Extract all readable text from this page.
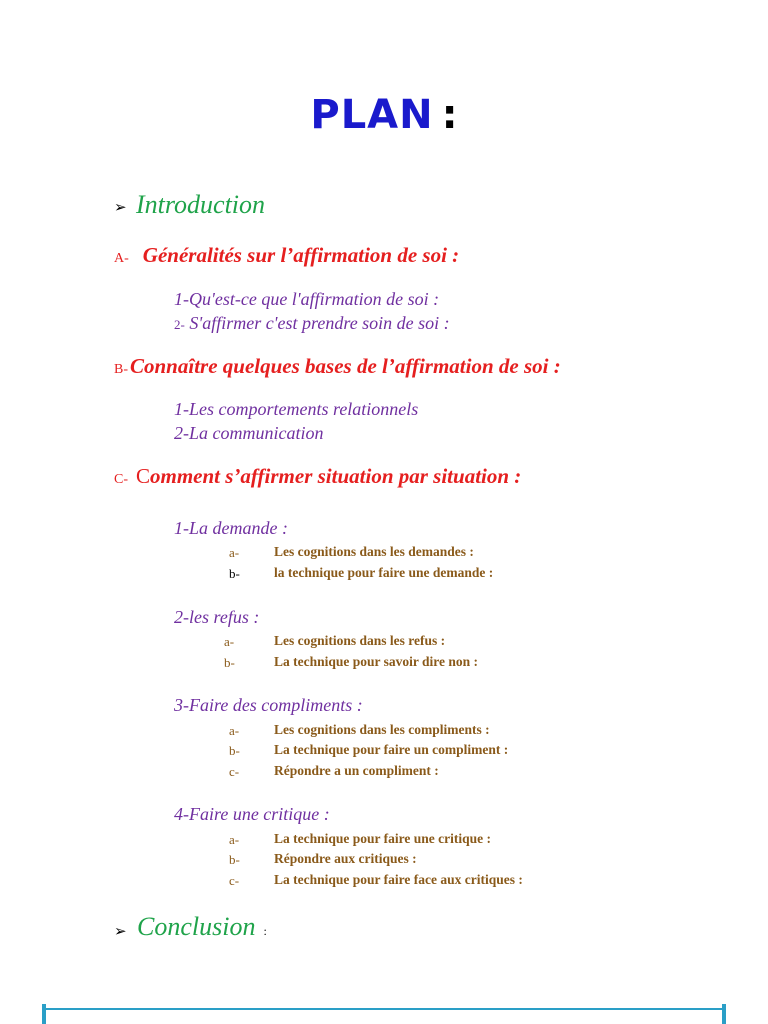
PLAN :
➢ Introduction
A- Généralités sur l’affirmation de soi :
1-Qu'est-ce que l'affirmation de soi :
2- S'affirmer c'est prendre soin de soi :
B-Connaître quelques bases de l’affirmation de soi :
1-Les comportements relationnels
2-La communication
C- Comment s’affirmer situation par situation :
1-La demande :
a-	Les cognitions dans les demandes :
b-	la technique pour faire une demande :
2-les refus :
a-	Les cognitions dans les refus :
b-	La technique pour savoir dire non :
3-Faire des compliments :
a-	Les cognitions dans les compliments :
b-	La technique pour faire un compliment :
c-	Répondre a un compliment :
4-Faire une critique :
a-	La technique pour faire une critique :
b-	Répondre aux critiques :
c-	La technique pour faire face aux critiques :
➢ Conclusion :
